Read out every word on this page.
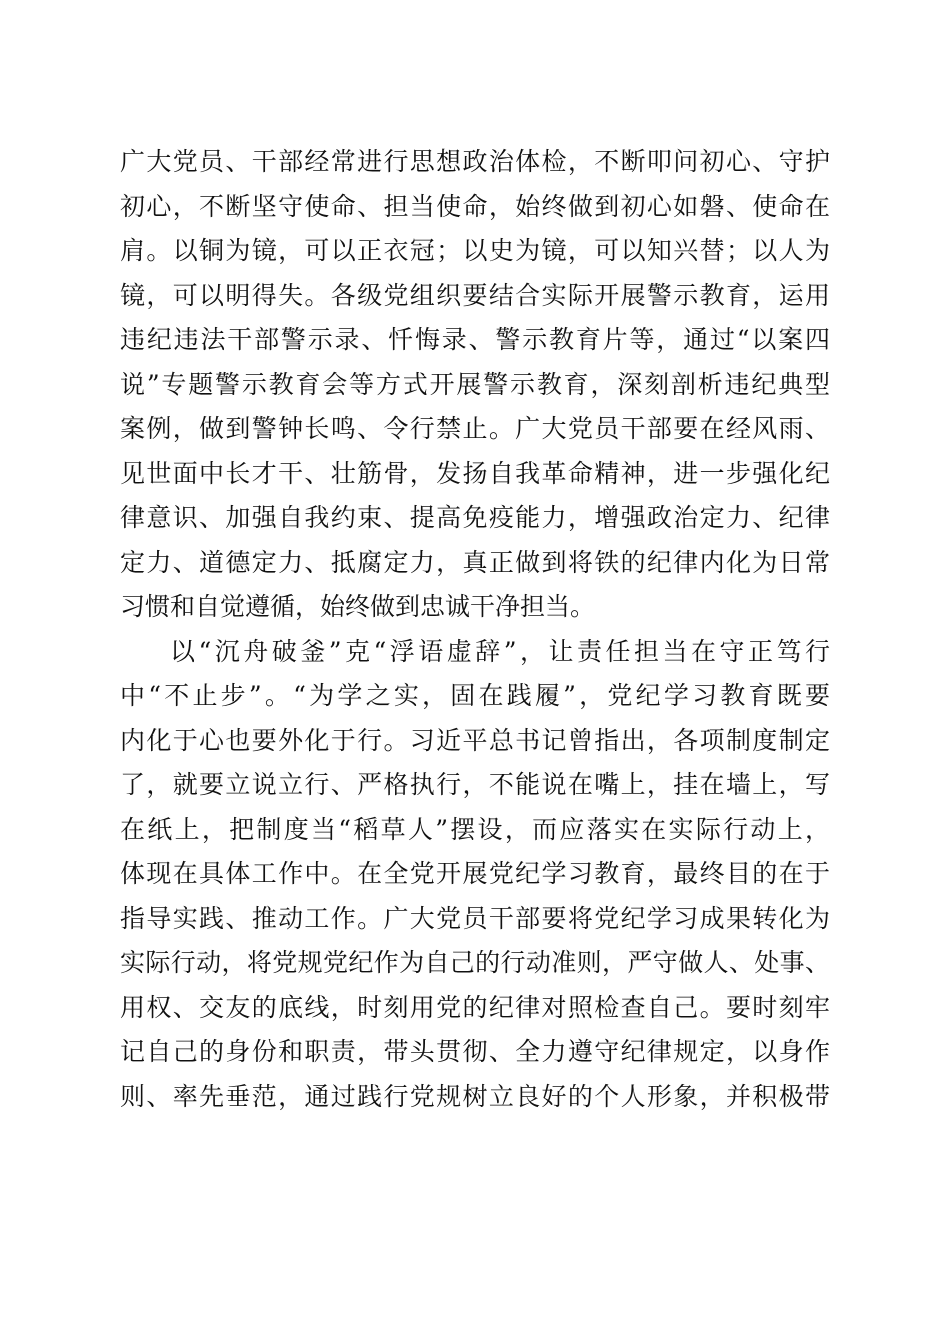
广大党员、干部经常进行思想政治体检，不断叩问初心、守护
初心，不断坚守使命、担当使命，始终做到初心如磐、使命在
肩。以铜为镜，可以正衣冠；以史为镜，可以知兴替；以人为
镜，可以明得失。各级党组织要结合实际开展警示教育，运用
违纪违法干部警示录、忏悔录、警示教育片等，通过“以案四
说”专题警示教育会等方式开展警示教育，深刻剖析违纪典型
案例，做到警钟长鸣、令行禁止。广大党员干部要在经风雨、
见世面中长才干、壮筋骨，发扬自我革命精神，进一步强化纪
律意识、加强自我约束、提高免疫能力，增强政治定力、纪律
定力、道德定力、抵腐定力，真正做到将铁的纪律内化为日常
习惯和自觉遵循，始终做到忠诚干净担当。
以“沉舟破釜”克“浮语虚辞”，让责任担当在守正笃行
中“不止步”。“为学之实，固在践履”，党纪学习教育既要
内化于心也要外化于行。习近平总书记曾指出，各项制度制定
了，就要立说立行、严格执行，不能说在嘴上，挂在墙上，写
在纸上，把制度当“稻草人”摆设，而应落实在实际行动上，
体现在具体工作中。在全党开展党纪学习教育，最终目的在于
指导实践、推动工作。广大党员干部要将党纪学习成果转化为
实际行动，将党规党纪作为自己的行动准则，严守做人、处事、
用权、交友的底线，时刻用党的纪律对照检查自己。要时刻牢
记自己的身份和职责，带头贯彻、全力遵守纪律规定，以身作
则、率先垂范，通过践行党规树立良好的个人形象，并积极带
